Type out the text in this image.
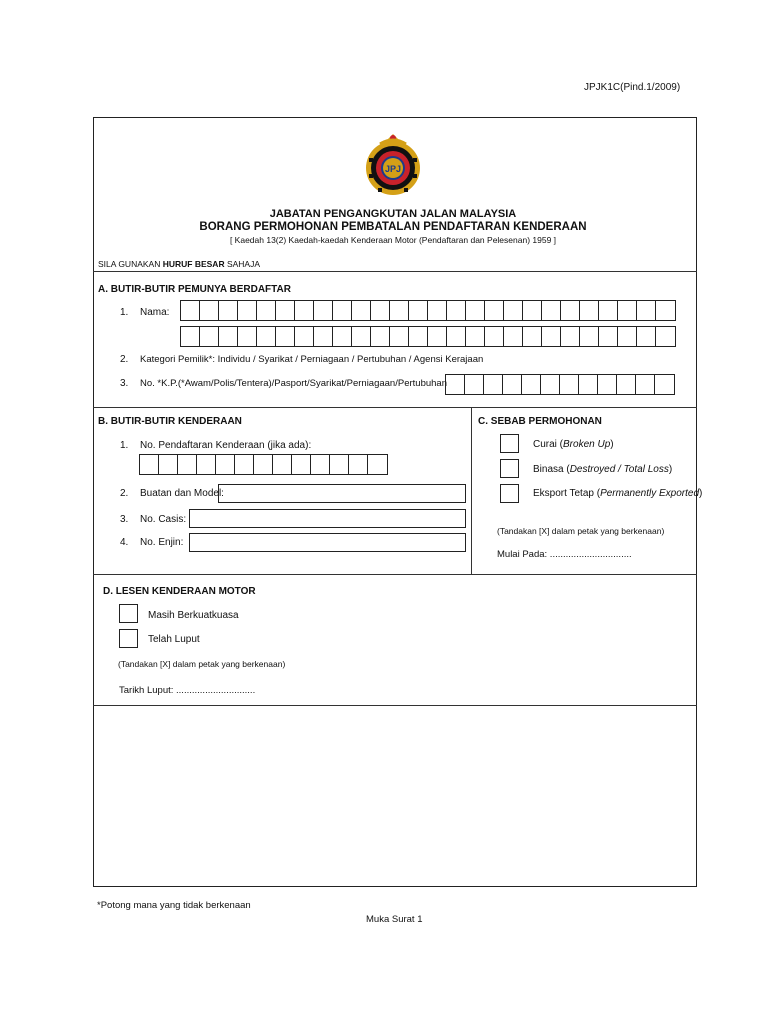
JPJK1C(Pind.1/2009)
JPJ
JABATAN PENGANGKUTAN JALAN MALAYSIA
BORANG PERMOHONAN PEMBATALAN PENDAFTARAN KENDERAAN
[ Kaedah 13(2) Kaedah-kaedah Kenderaan Motor (Pendaftaran dan Pelesenan) 1959 ]
SILA GUNAKAN HURUF BESAR SAHAJA
A. BUTIR-BUTIR PEMUNYA BERDAFTAR
1. Nama:
2. Kategori Pemilik*: Individu / Syarikat / Perniagaan / Pertubuhan / Agensi Kerajaan
3. No. *K.P.(*Awam/Polis/Tentera)/Pasport/Syarikat/Perniagaan/Pertubuhan
B. BUTIR-BUTIR KENDERAAN
1. No. Pendaftaran Kenderaan (jika ada):
2. Buatan dan Model:
3. No. Casis:
4. No. Enjin:
C. SEBAB PERMOHONAN
Curai (Broken Up)
Binasa (Destroyed / Total Loss)
Eksport Tetap (Permanently Exported)
(Tandakan [X] dalam petak yang berkenaan)
Mulai Pada: ...............................
D. LESEN KENDERAAN MOTOR
Masih Berkuatkuasa
Telah Luput
(Tandakan [X] dalam petak yang berkenaan)
Tarikh Luput: ..............................
*Potong mana yang tidak berkenaan
Muka Surat 1
